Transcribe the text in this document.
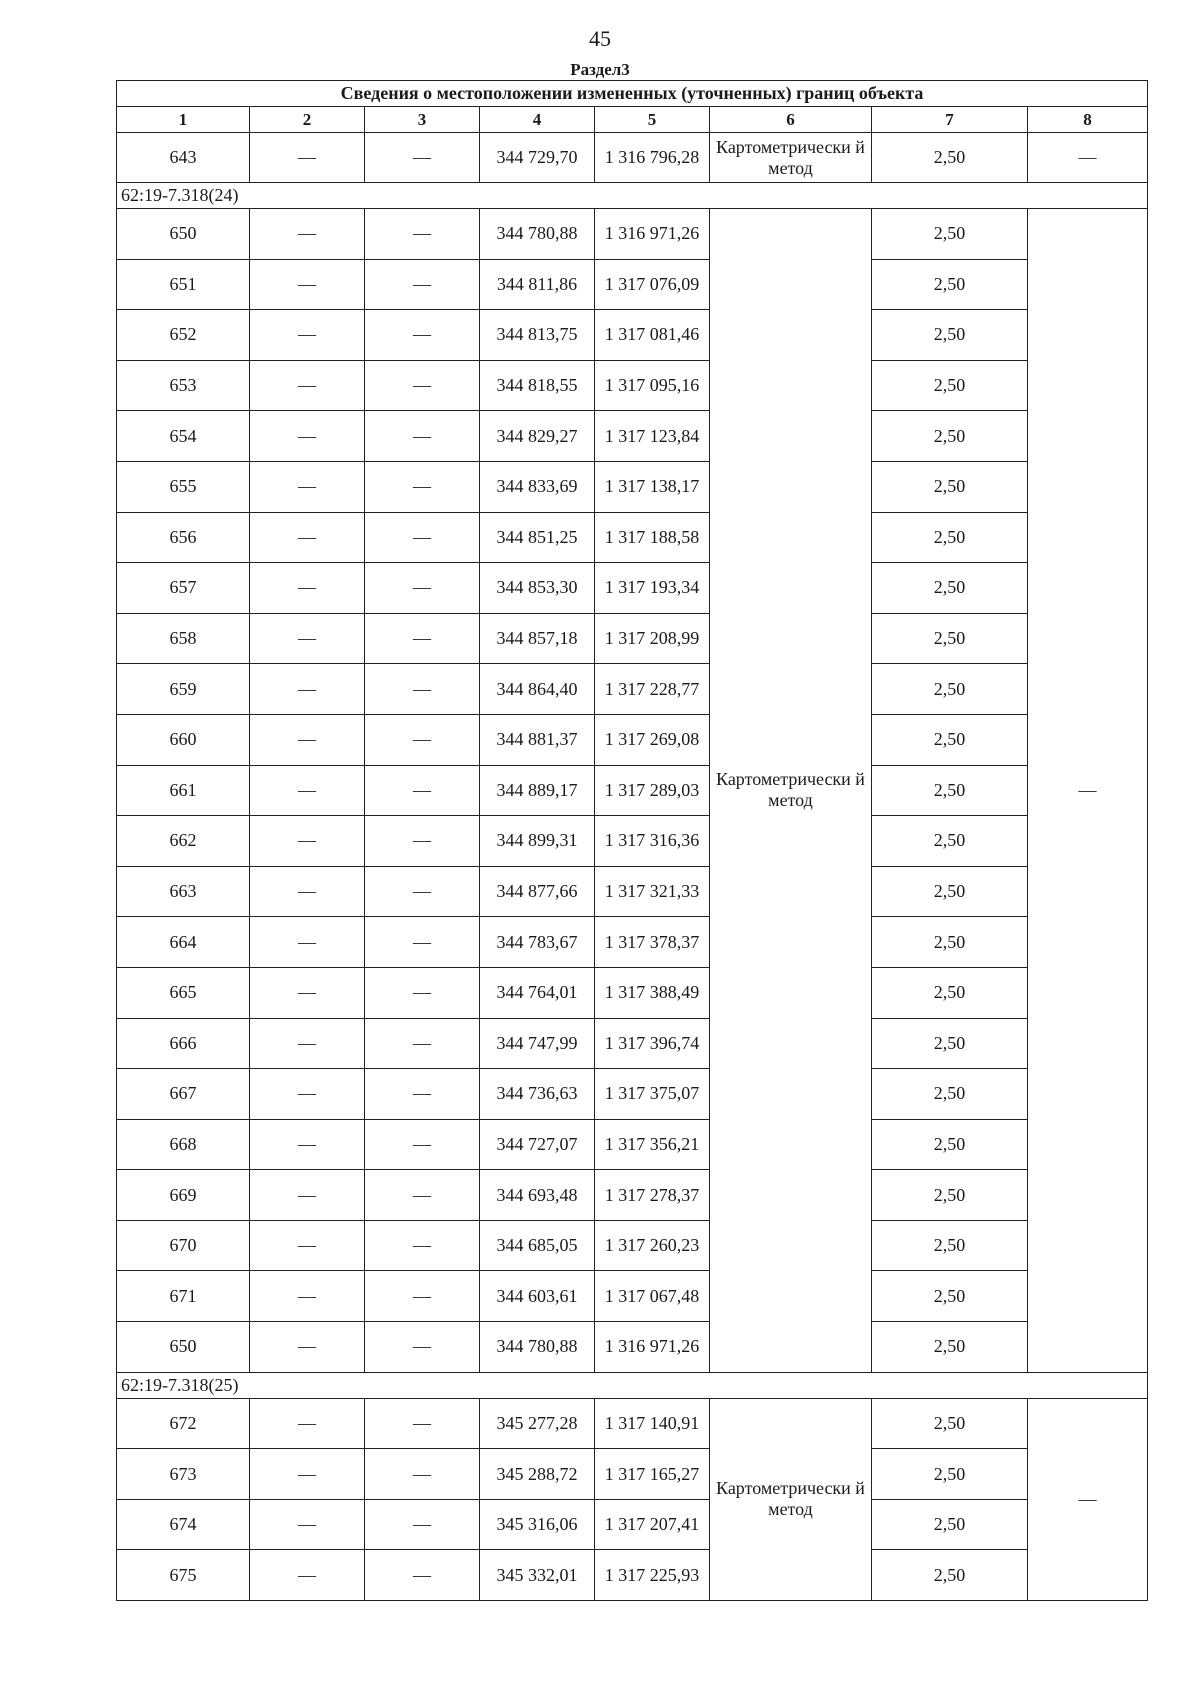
45
Раздел3
Сведения о местоположении измененных (уточненных) границ объекта							
1	2	3	4	5	6	7	8
643	—	—	344 729,70	1 316 796,28	Картометрически й метод	2,50	—
62:19-7.318(24)							
650	—	—	344 780,88	1 316 971,26	Картометрически й метод	2,50	—
651	—	—	344 811,86	1 317 076,09		2,50	
652	—	—	344 813,75	1 317 081,46		2,50	
653	—	—	344 818,55	1 317 095,16		2,50	
654	—	—	344 829,27	1 317 123,84		2,50	
655	—	—	344 833,69	1 317 138,17		2,50	
656	—	—	344 851,25	1 317 188,58		2,50	
657	—	—	344 853,30	1 317 193,34		2,50	
658	—	—	344 857,18	1 317 208,99		2,50	
659	—	—	344 864,40	1 317 228,77		2,50	
660	—	—	344 881,37	1 317 269,08		2,50	
661	—	—	344 889,17	1 317 289,03		2,50	
662	—	—	344 899,31	1 317 316,36		2,50	
663	—	—	344 877,66	1 317 321,33		2,50	
664	—	—	344 783,67	1 317 378,37		2,50	
665	—	—	344 764,01	1 317 388,49		2,50	
666	—	—	344 747,99	1 317 396,74		2,50	
667	—	—	344 736,63	1 317 375,07		2,50	
668	—	—	344 727,07	1 317 356,21		2,50	
669	—	—	344 693,48	1 317 278,37		2,50	
670	—	—	344 685,05	1 317 260,23		2,50	
671	—	—	344 603,61	1 317 067,48		2,50	
650	—	—	344 780,88	1 316 971,26		2,50	
62:19-7.318(25)							
672	—	—	345 277,28	1 317 140,91	Картометрически й метод	2,50	—
673	—	—	345 288,72	1 317 165,27		2,50	
674	—	—	345 316,06	1 317 207,41		2,50	
675	—	—	345 332,01	1 317 225,93		2,50	
